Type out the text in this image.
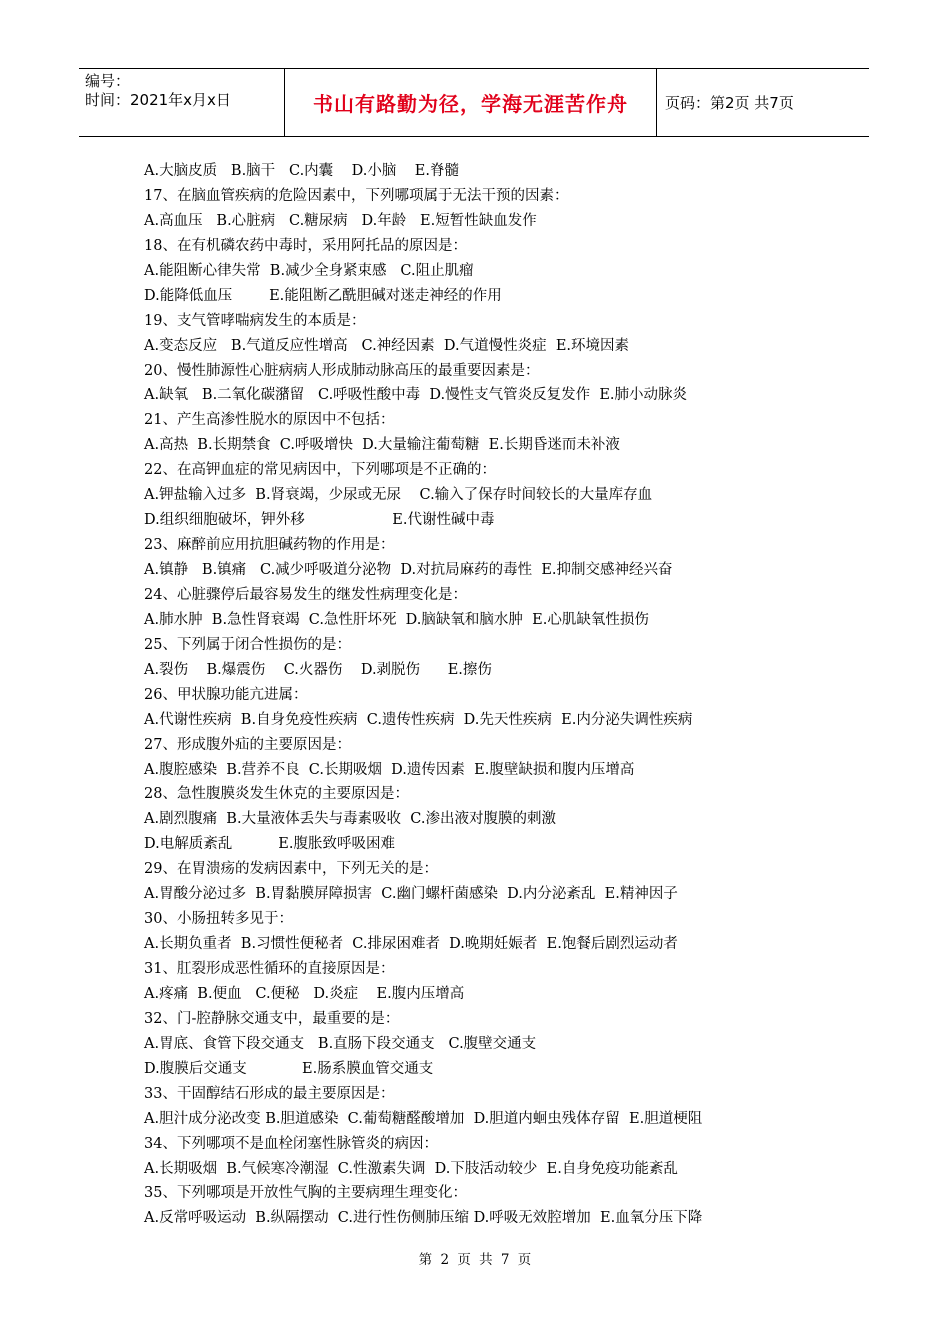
编号：
时间：2021年x月x日	书山有路勤为径，学海无涯苦作舟 页码：第2页 共7页
A.大脑皮质   B.脑干   C.内囊    D.小脑    E.脊髓
17、在脑血管疾病的危险因素中，下列哪项属于无法干预的因素：
A.高血压   B.心脏病   C.糖尿病   D.年龄   E.短暂性缺血发作
18、在有机磷农药中毒时，采用阿托品的原因是：
A.能阻断心律失常  B.减少全身紧束感   C.阻止肌瘤
D.能降低血压        E.能阻断乙酰胆碱对迷走神经的作用
19、支气管哮喘病发生的本质是：
A.变态反应   B.气道反应性增高   C.神经因素  D.气道慢性炎症  E.环境因素
20、慢性肺源性心脏病病人形成肺动脉高压的最重要因素是：
A.缺氧   B.二氧化碳潴留   C.呼吸性酸中毒  D.慢性支气管炎反复发作  E.肺小动脉炎
21、产生高渗性脱水的原因中不包括：
A.高热  B.长期禁食  C.呼吸增快  D.大量输注葡萄糖  E.长期昏迷而未补液
22、在高钾血症的常见病因中，下列哪项是不正确的：
A.钾盐输入过多  B.肾衰竭，少尿或无尿    C.输入了保存时间较长的大量库存血
D.组织细胞破坏，钾外移                   E.代谢性碱中毒
23、麻醉前应用抗胆碱药物的作用是：
A.镇静   B.镇痛   C.减少呼吸道分泌物  D.对抗局麻药的毒性  E.抑制交感神经兴奋
24、心脏骤停后最容易发生的继发性病理变化是：
A.肺水肿  B.急性肾衰竭  C.急性肝坏死  D.脑缺氧和脑水肿  E.心肌缺氧性损伤
25、下列属于闭合性损伤的是：
A.裂伤    B.爆震伤    C.火器伤    D.剥脱伤      E.擦伤
26、甲状腺功能亢进属：
A.代谢性疾病  B.自身免疫性疾病  C.遗传性疾病  D.先天性疾病  E.内分泌失调性疾病
27、形成腹外疝的主要原因是：
A.腹腔感染  B.营养不良  C.长期吸烟  D.遗传因素  E.腹壁缺损和腹内压增高
28、急性腹膜炎发生休克的主要原因是：
A.剧烈腹痛  B.大量液体丢失与毒素吸收  C.渗出液对腹膜的刺激
D.电解质紊乱          E.腹胀致呼吸困难
29、在胃溃疡的发病因素中，下列无关的是：
A.胃酸分泌过多  B.胃黏膜屏障损害  C.幽门螺杆菌感染  D.内分泌紊乱  E.精神因子
30、小肠扭转多见于：
A.长期负重者  B.习惯性便秘者  C.排尿困难者  D.晚期妊娠者  E.饱餐后剧烈运动者
31、肛裂形成恶性循环的直接原因是：
A.疼痛  B.便血   C.便秘   D.炎症    E.腹内压增高
32、门-腔静脉交通支中，最重要的是：
A.胃底、食管下段交通支   B.直肠下段交通支   C.腹壁交通支
D.腹膜后交通支            E.肠系膜血管交通支
33、干固醇结石形成的最主要原因是：
A.胆汁成分泌改变 B.胆道感染  C.葡萄糖醛酸增加  D.胆道内蛔虫残体存留  E.胆道梗阻
34、下列哪项不是血栓闭塞性脉管炎的病因：
A.长期吸烟  B.气候寒冷潮湿  C.性激素失调  D.下肢活动较少  E.自身免疫功能紊乱
35、下列哪项是开放性气胸的主要病理生理变化：
A.反常呼吸运动  B.纵隔摆动  C.进行性伤侧肺压缩 D.呼吸无效腔增加  E.血氧分压下降
第 2 页 共 7 页
